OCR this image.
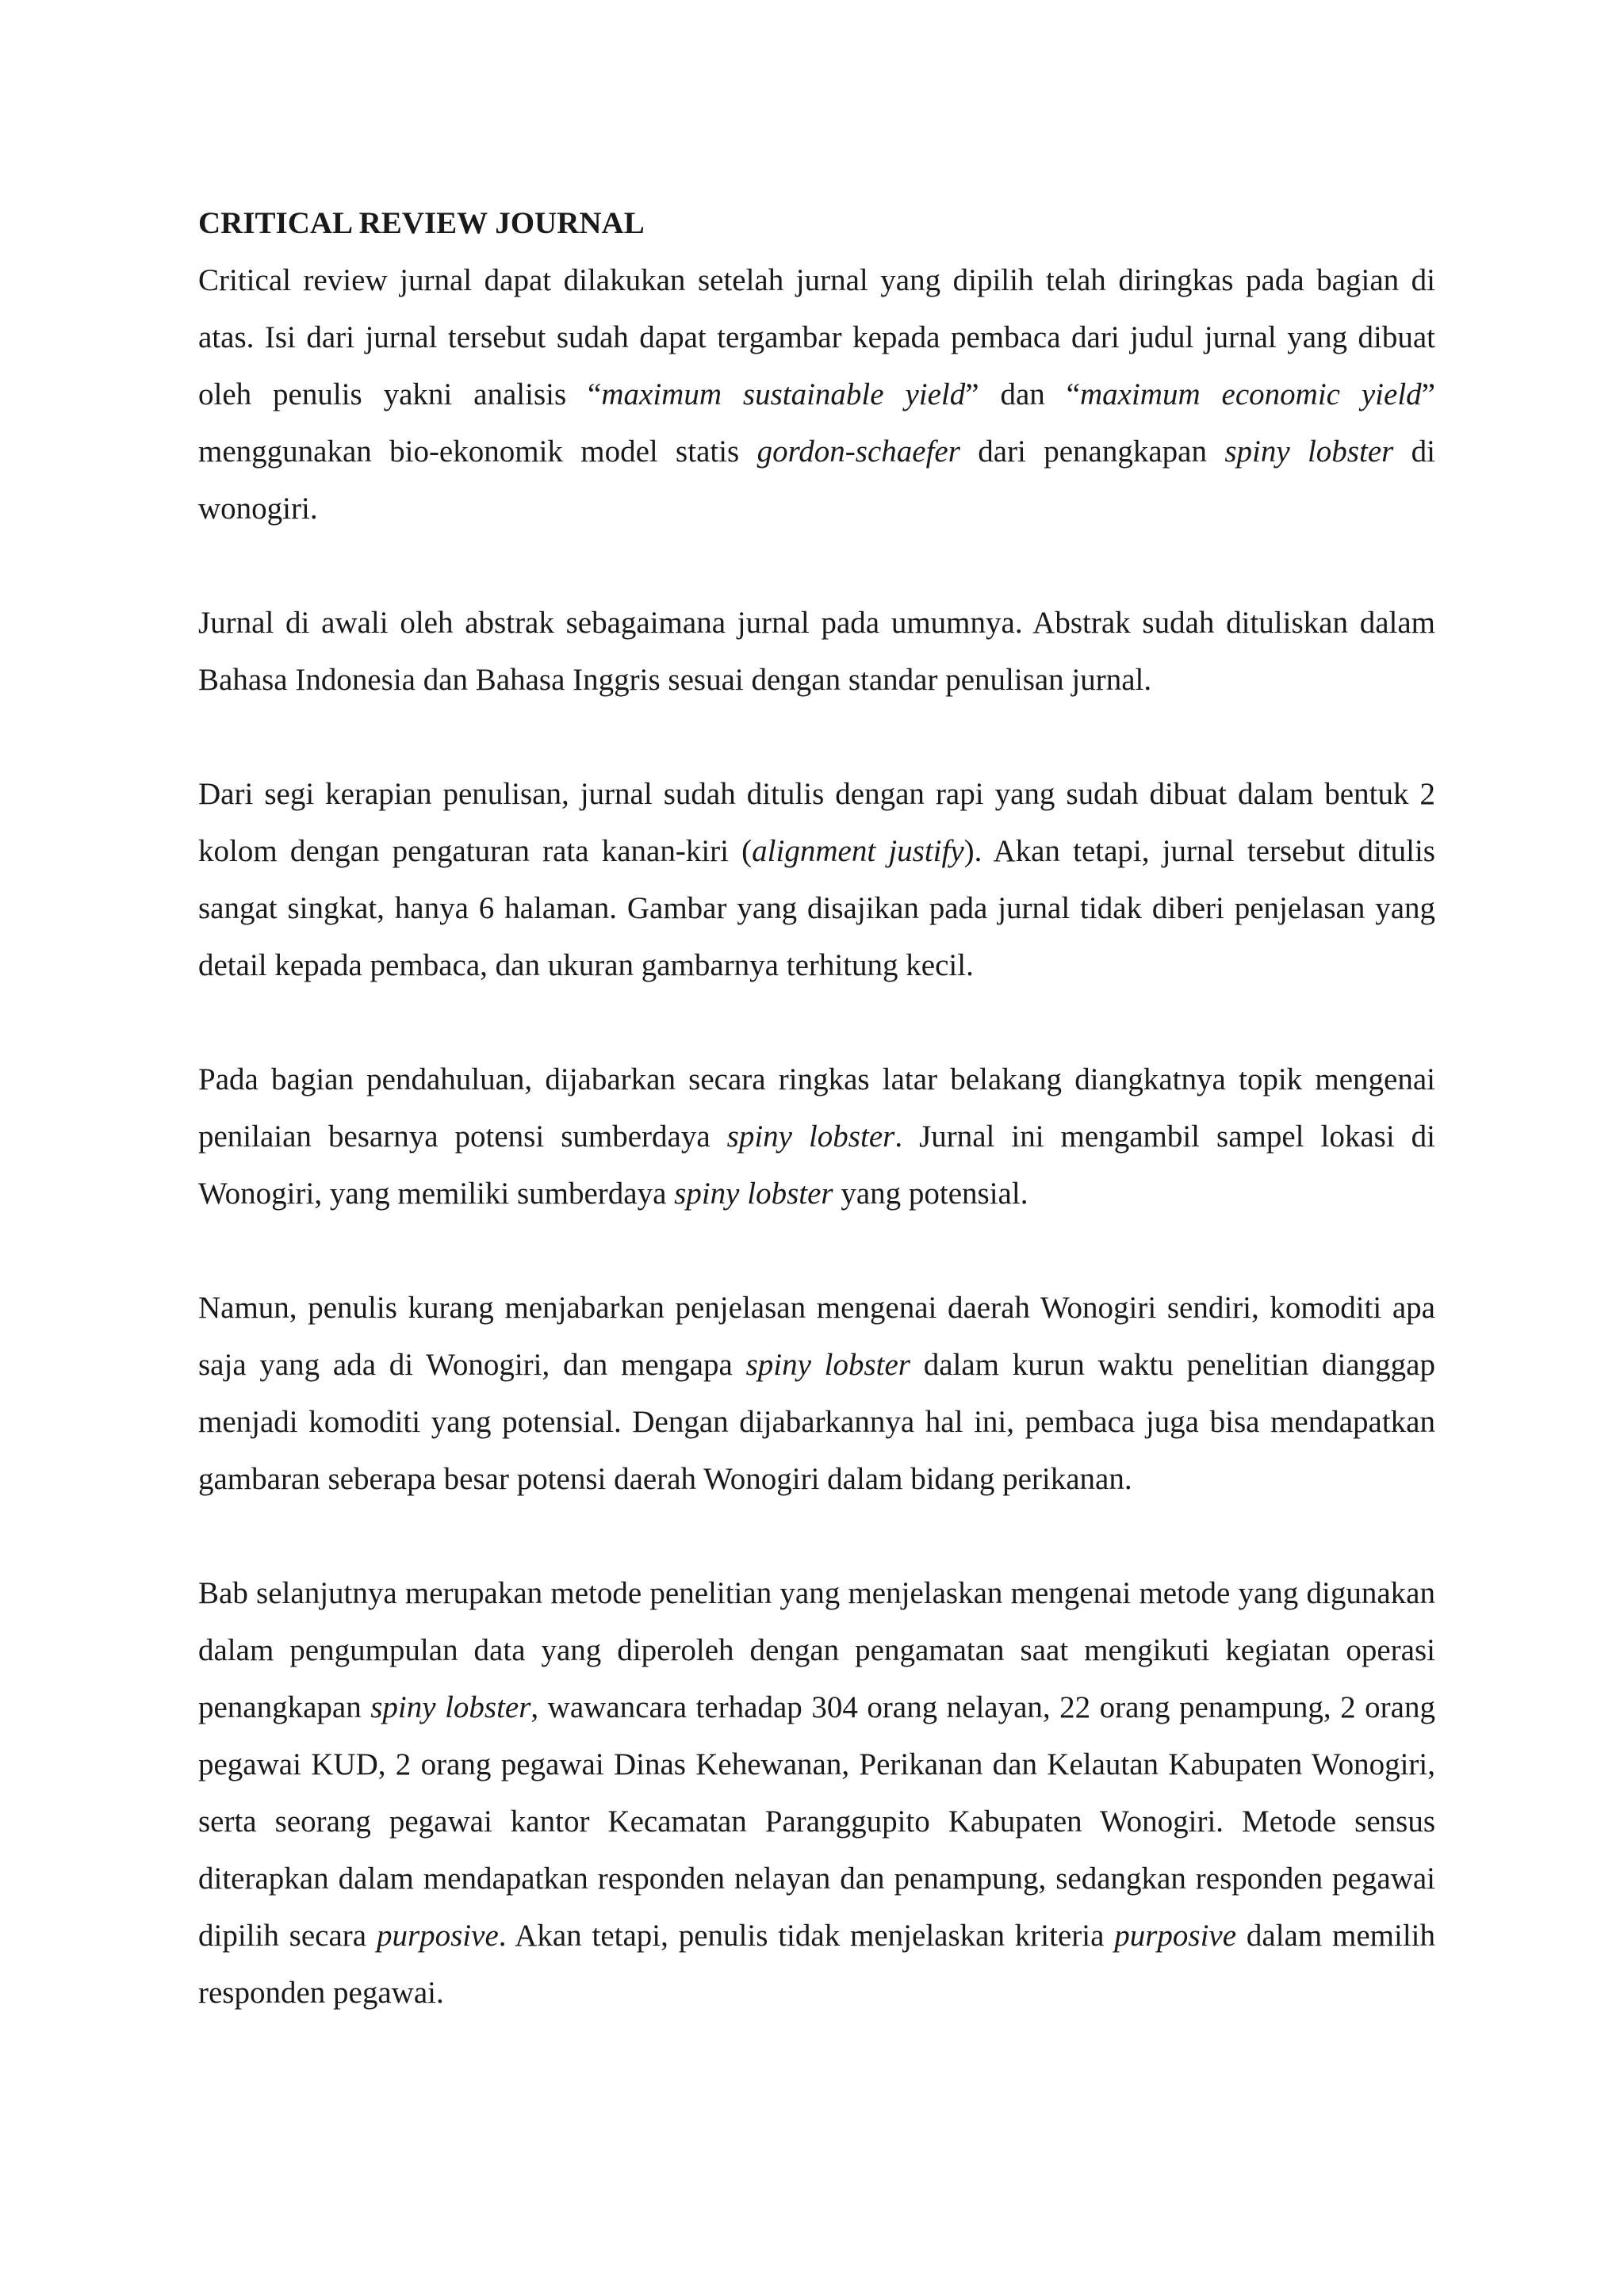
CRITICAL REVIEW JOURNAL

Critical review jurnal dapat dilakukan setelah jurnal yang dipilih telah diringkas pada bagian di atas. Isi dari jurnal tersebut sudah dapat tergambar kepada pembaca dari judul jurnal yang dibuat oleh penulis yakni analisis “maximum sustainable yield” dan “maximum economic yield” menggunakan bio-ekonomik model statis gordon-schaefer dari penangkapan spiny lobster di wonogiri.

Jurnal di awali oleh abstrak sebagaimana jurnal pada umumnya. Abstrak sudah dituliskan dalam Bahasa Indonesia dan Bahasa Inggris sesuai dengan standar penulisan jurnal.

Dari segi kerapian penulisan, jurnal sudah ditulis dengan rapi yang sudah dibuat dalam bentuk 2 kolom dengan pengaturan rata kanan-kiri (alignment justify). Akan tetapi, jurnal tersebut ditulis sangat singkat, hanya 6 halaman. Gambar yang disajikan pada jurnal tidak diberi penjelasan yang detail kepada pembaca, dan ukuran gambarnya terhitung kecil.

Pada bagian pendahuluan, dijabarkan secara ringkas latar belakang diangkatnya topik mengenai penilaian besarnya potensi sumberdaya spiny lobster. Jurnal ini mengambil sampel lokasi di Wonogiri, yang memiliki sumberdaya spiny lobster yang potensial.

Namun, penulis kurang menjabarkan penjelasan mengenai daerah Wonogiri sendiri, komoditi apa saja yang ada di Wonogiri, dan mengapa spiny lobster dalam kurun waktu penelitian dianggap menjadi komoditi yang potensial. Dengan dijabarkannya hal ini, pembaca juga bisa mendapatkan gambaran seberapa besar potensi daerah Wonogiri dalam bidang perikanan.

Bab selanjutnya merupakan metode penelitian yang menjelaskan mengenai metode yang digunakan dalam pengumpulan data yang diperoleh dengan pengamatan saat mengikuti kegiatan operasi penangkapan spiny lobster, wawancara terhadap 304 orang nelayan, 22 orang penampung, 2 orang pegawai KUD, 2 orang pegawai Dinas Kehewanan, Perikanan dan Kelautan Kabupaten Wonogiri, serta seorang pegawai kantor Kecamatan Paranggupito Kabupaten Wonogiri. Metode sensus diterapkan dalam mendapatkan responden nelayan dan penampung, sedangkan responden pegawai dipilih secara purposive. Akan tetapi, penulis tidak menjelaskan kriteria purposive dalam memilih responden pegawai.
